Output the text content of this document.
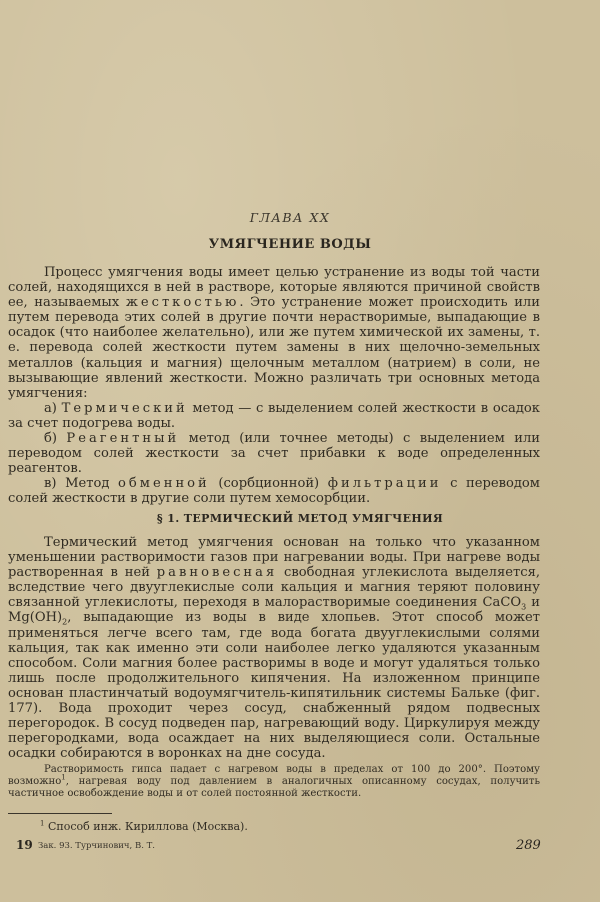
ГЛАВА XX
УМЯГЧЕНИЕ ВОДЫ

Процесс умягчения воды имеет целью устранение из воды той части солей, находящихся в ней в растворе, которые являются причиной свойств ее, называемых жесткостью. Это устранение может происходить или путем перевода этих солей в другие почти нерастворимые, выпадающие в осадок (что наиболее желательно), или же путем химической их замены, т. е. перевода солей жесткости путем замены в них щелочно-земельных металлов (кальция и магния) щелочным металлом (натрием) в соли, не вызывающие явлений жесткости. Можно различать три основных метода умягчения:

а) Термический метод — с выделением солей жесткости в осадок за счет подогрева воды.

б) Реагентный метод (или точнее методы) с выделением или переводом солей жесткости за счет прибавки к воде определенных реагентов.

в) Метод обменной (сорбционной) фильтрации с переводом солей жесткости в другие соли путем хемосорбции.

§ 1. ТЕРМИЧЕСКИЙ МЕТОД УМЯГЧЕНИЯ

Термический метод умягчения основан на только что указанном уменьшении растворимости газов при нагревании воды. При нагреве воды растворенная в ней равновесная свободная углекислота выделяется, вследствие чего двууглекислые соли кальция и магния теряют половину связанной углекислоты, переходя в малорастворимые соединения CaCO$_3$ и $Mg(OH)_2$, выпадающие из воды в виде хлопьев. Этот способ может применяться легче всего там, где вода богата двууглекислыми солями кальция, так как именно эти соли наиболее легко удаляются указанным способом. Соли магния более растворимы в воде и могут удаляться только лишь после продолжительного кипячения. На изложенном принципе основан пластинчатый водоумягчитель-кипятильник системы Бальке (фиг. 177). Вода проходит через сосуд, снабженный рядом подвесных перегородок. В сосуд подведен пар, нагревающий воду. Циркулируя между перегородками, вода осаждает на них выделяющиеся соли. Остальные осадки собираются в воронках на дне сосуда.

Растворимость гипса падает с нагревом воды в пределах от 100 до 200°. Поэтому возможно$^1$, нагревая воду под давлением в аналогичных описанному сосудах, получить частичное освобождение воды и от солей постоянной жесткости.

$^1$ Способ инж. Кириллова (Москва).
19 Зак. 93. Турчинович, В. Т.	289
